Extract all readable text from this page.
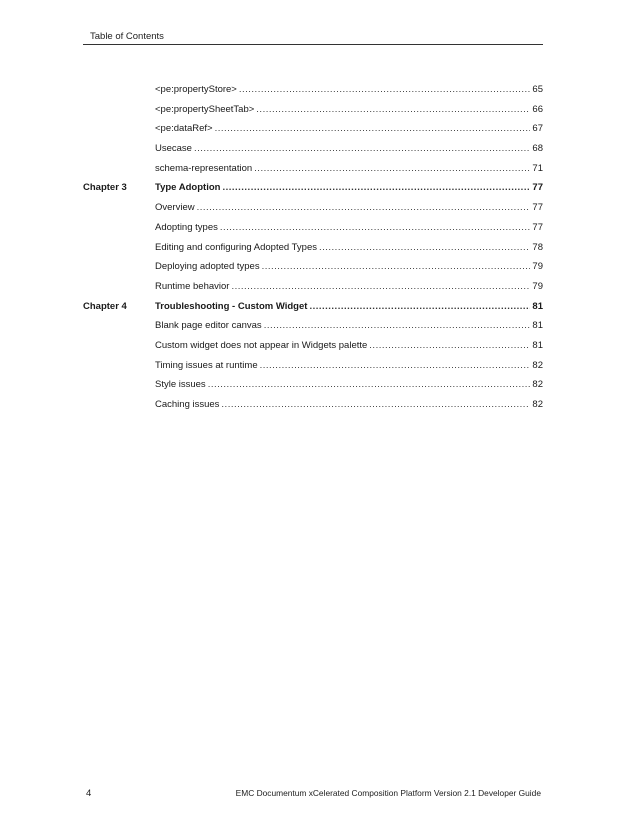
Table of Contents
<pe:propertyStore> .....	65
<pe:propertySheetTab> .....	66
<pe:dataRef> .....	67
Usecase .....	68
schema-representation .....	71
Chapter 3	Type Adoption .....	77
Overview .....	77
Adopting types .....	77
Editing and configuring Adopted Types .....	78
Deploying adopted types .....	79
Runtime behavior .....	79
Chapter 4	Troubleshooting - Custom Widget .....	81
Blank page editor canvas .....	81
Custom widget does not appear in Widgets palette .....	81
Timing issues at runtime .....	82
Style issues .....	82
Caching issues .....	82
4	EMC Documentum xCelerated Composition Platform Version 2.1 Developer Guide
